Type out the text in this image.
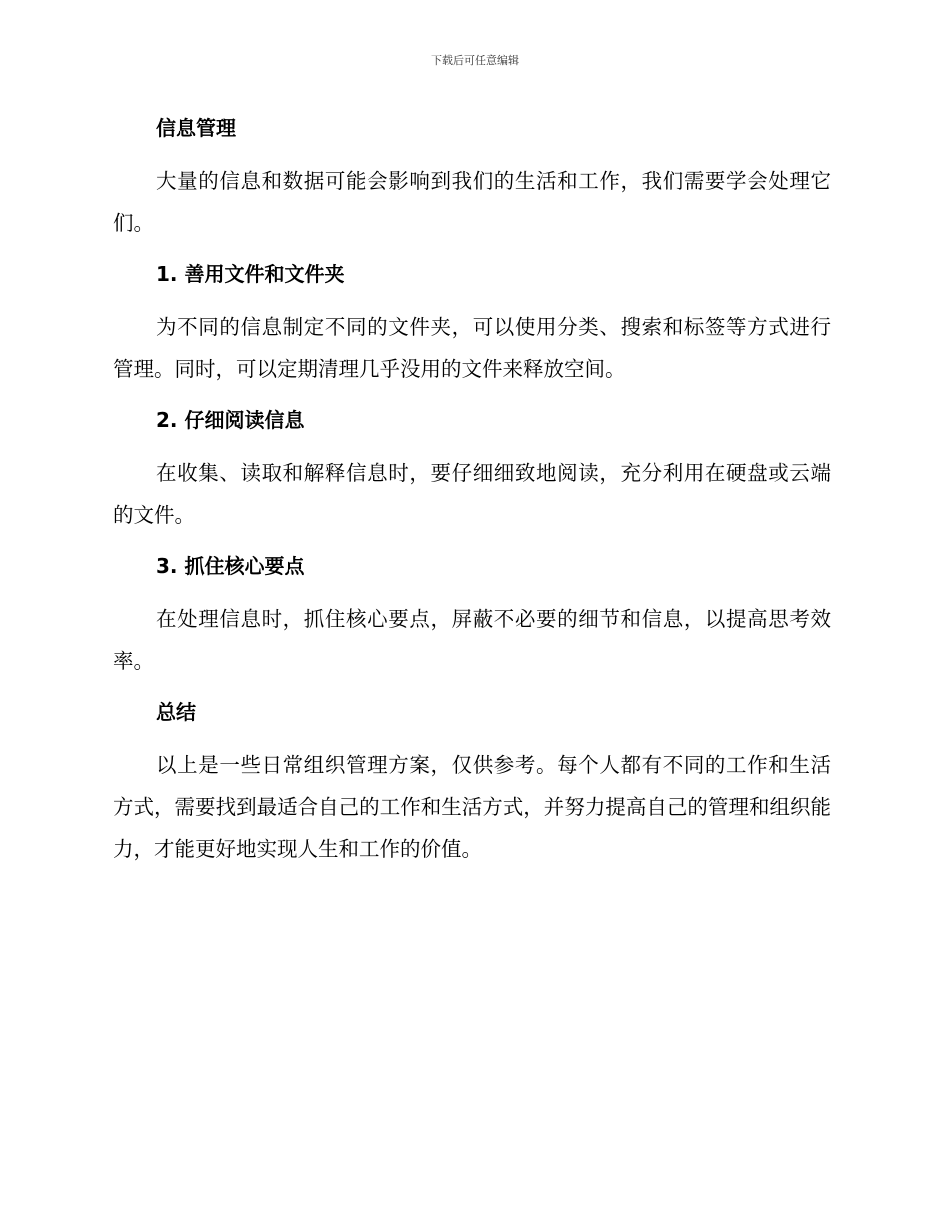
下载后可任意编辑
信息管理

大量的信息和数据可能会影响到我们的生活和工作，我们需要学会处理它们。

1. 善用文件和文件夹

为不同的信息制定不同的文件夹，可以使用分类、搜索和标签等方式进行管理。同时，可以定期清理几乎没用的文件来释放空间。

2. 仔细阅读信息

在收集、读取和解释信息时，要仔细细致地阅读，充分利用在硬盘或云端的文件。

3. 抓住核心要点

在处理信息时，抓住核心要点，屏蔽不必要的细节和信息，以提高思考效率。

总结

以上是一些日常组织管理方案，仅供参考。每个人都有不同的工作和生活方式，需要找到最适合自己的工作和生活方式，并努力提高自己的管理和组织能力，才能更好地实现人生和工作的价值。
